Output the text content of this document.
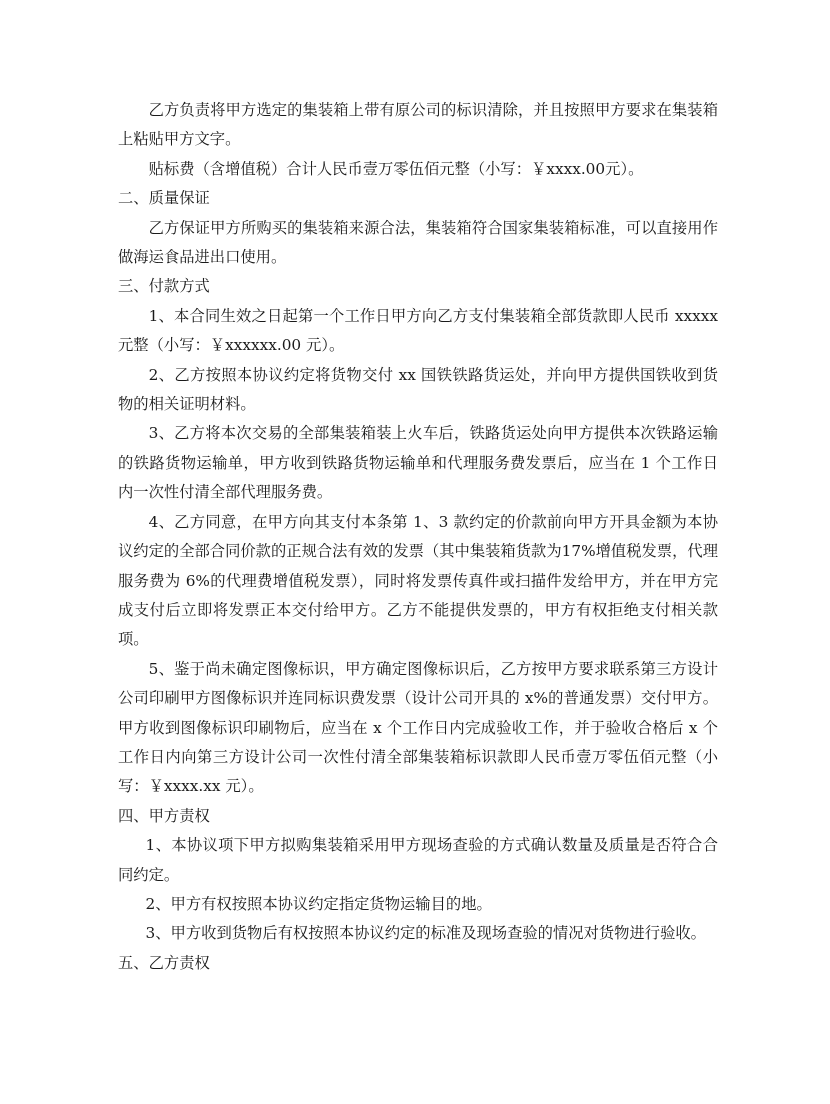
乙方负责将甲方选定的集装箱上带有原公司的标识清除，并且按照甲方要求在集装箱上粘贴甲方文字。

贴标费（含增值税）合计人民币壹万零伍佰元整（小写：￥xxxx.00元）。

二、质量保证

乙方保证甲方所购买的集装箱来源合法，集装箱符合国家集装箱标准，可以直接用作做海运食品进出口使用。

三、付款方式

1、本合同生效之日起第一个工作日甲方向乙方支付集装箱全部货款即人民币 xxxxx 元整（小写：￥xxxxxx.00 元）。

2、乙方按照本协议约定将货物交付 xx 国铁铁路货运处，并向甲方提供国铁收到货物的相关证明材料。

3、乙方将本次交易的全部集装箱装上火车后，铁路货运处向甲方提供本次铁路运输的铁路货物运输单，甲方收到铁路货物运输单和代理服务费发票后，应当在 1 个工作日内一次性付清全部代理服务费。

4、乙方同意，在甲方向其支付本条第 1、3 款约定的价款前向甲方开具金额为本协议约定的全部合同价款的正规合法有效的发票（其中集装箱货款为17%增值税发票，代理服务费为 6%的代理费增值税发票），同时将发票传真件或扫描件发给甲方，并在甲方完成支付后立即将发票正本交付给甲方。乙方不能提供发票的，甲方有权拒绝支付相关款项。

5、鉴于尚未确定图像标识，甲方确定图像标识后，乙方按甲方要求联系第三方设计公司印刷甲方图像标识并连同标识费发票（设计公司开具的 x%的普通发票）交付甲方。甲方收到图像标识印刷物后，应当在 x 个工作日内完成验收工作，并于验收合格后 x 个工作日内向第三方设计公司一次性付清全部集装箱标识款即人民币壹万零伍佰元整（小写：￥xxxx.xx 元）。

四、甲方责权

1、本协议项下甲方拟购集装箱采用甲方现场查验的方式确认数量及质量是否符合合同约定。

2、甲方有权按照本协议约定指定货物运输目的地。

3、甲方收到货物后有权按照本协议约定的标准及现场查验的情况对货物进行验收。

五、乙方责权
